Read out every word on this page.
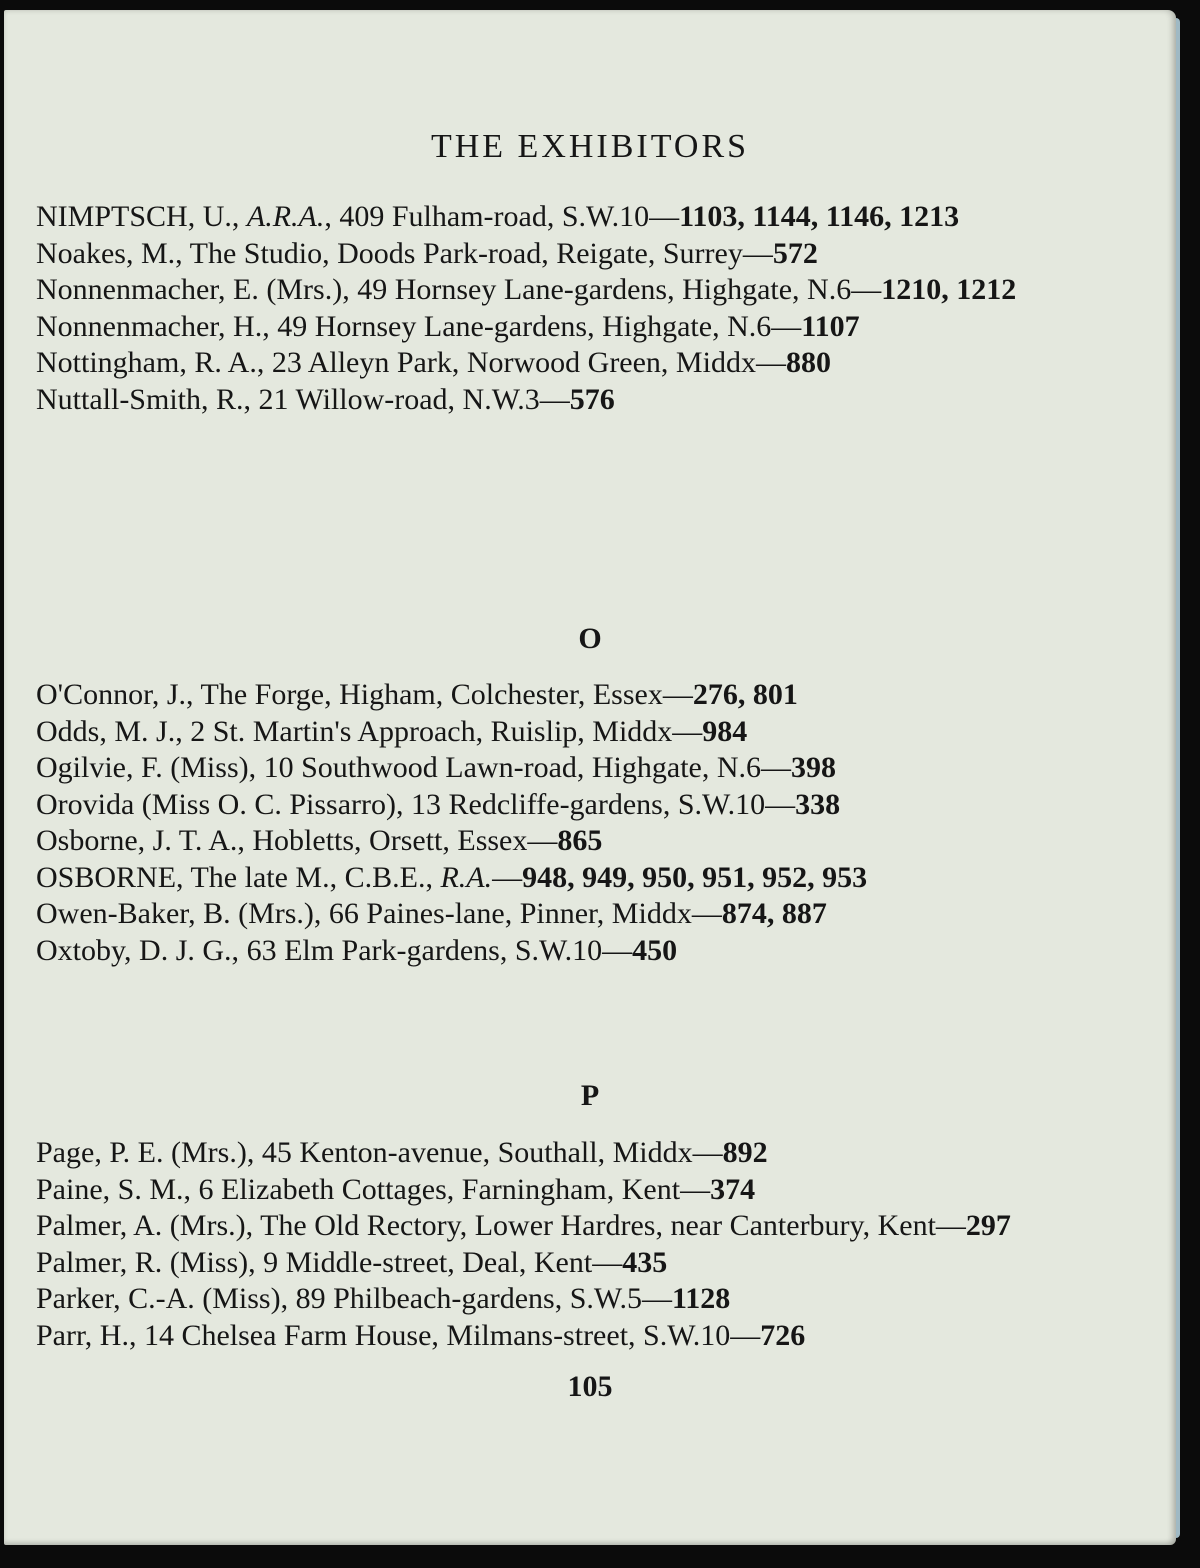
THE EXHIBITORS
NIMPTSCH, U., A.R.A., 409 Fulham-road, S.W.10—1103, 1144, 1146, 1213
Noakes, M., The Studio, Doods Park-road, Reigate, Surrey—572
Nonnenmacher, E. (Mrs.), 49 Hornsey Lane-gardens, Highgate, N.6—1210, 1212
Nonnenmacher, H., 49 Hornsey Lane-gardens, Highgate, N.6—1107
Nottingham, R. A., 23 Alleyn Park, Norwood Green, Middx—880
Nuttall-Smith, R., 21 Willow-road, N.W.3—576
O
O'Connor, J., The Forge, Higham, Colchester, Essex—276, 801
Odds, M. J., 2 St. Martin's Approach, Ruislip, Middx—984
Ogilvie, F. (Miss), 10 Southwood Lawn-road, Highgate, N.6—398
Orovida (Miss O. C. Pissarro), 13 Redcliffe-gardens, S.W.10—338
Osborne, J. T. A., Hobletts, Orsett, Essex—865
OSBORNE, The late M., C.B.E., R.A.—948, 949, 950, 951, 952, 953
Owen-Baker, B. (Mrs.), 66 Paines-lane, Pinner, Middx—874, 887
Oxtoby, D. J. G., 63 Elm Park-gardens, S.W.10—450
P
Page, P. E. (Mrs.), 45 Kenton-avenue, Southall, Middx—892
Paine, S. M., 6 Elizabeth Cottages, Farningham, Kent—374
Palmer, A. (Mrs.), The Old Rectory, Lower Hardres, near Canterbury, Kent—297
Palmer, R. (Miss), 9 Middle-street, Deal, Kent—435
Parker, C.-A. (Miss), 89 Philbeach-gardens, S.W.5—1128
Parr, H., 14 Chelsea Farm House, Milmans-street, S.W.10—726
105
